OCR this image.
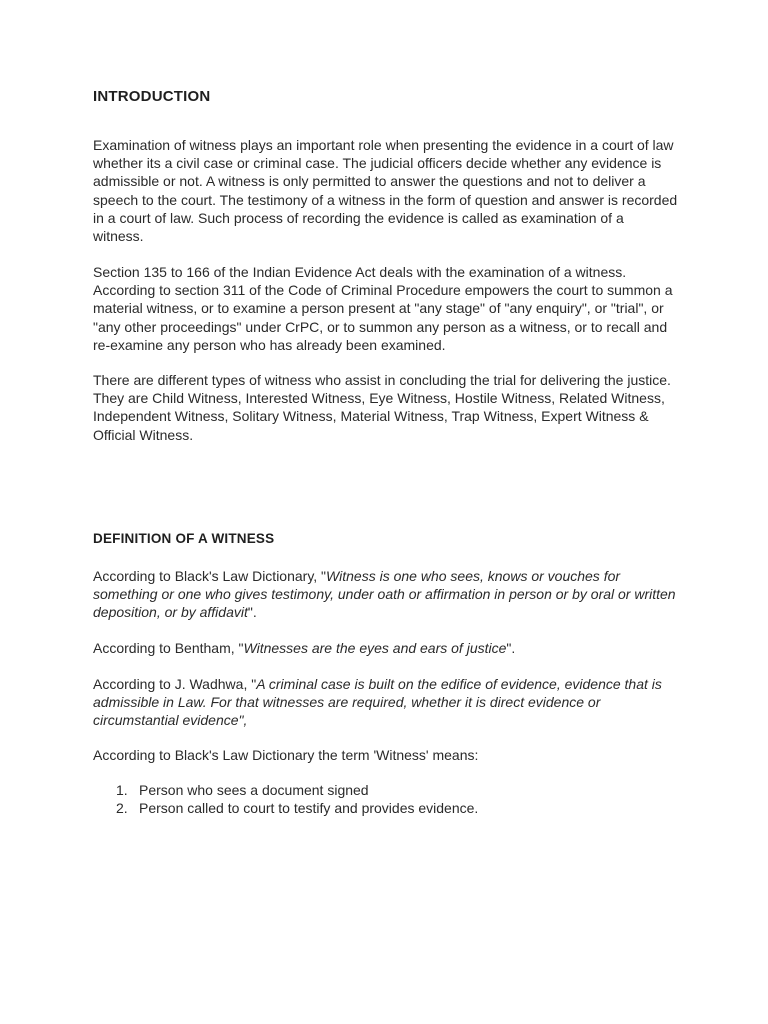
INTRODUCTION

Examination of witness plays an important role when presenting the evidence in a court of law whether its a civil case or criminal case. The judicial officers decide whether any evidence is admissible or not. A witness is only permitted to answer the questions and not to deliver a speech to the court. The testimony of a witness in the form of question and answer is recorded in a court of law. Such process of recording the evidence is called as examination of a witness.

Section 135 to 166 of the Indian Evidence Act deals with the examination of a witness. According to section 311 of the Code of Criminal Procedure empowers the court to summon a material witness, or to examine a person present at "any stage" of "any enquiry", or "trial", or "any other proceedings" under CrPC, or to summon any person as a witness, or to recall and re-examine any person who has already been examined.

There are different types of witness who assist in concluding the trial for delivering the justice. They are Child Witness, Interested Witness, Eye Witness, Hostile Witness, Related Witness, Independent Witness, Solitary Witness, Material Witness, Trap Witness, Expert Witness & Official Witness.

DEFINITION OF A WITNESS

According to Black's Law Dictionary, "Witness is one who sees, knows or vouches for something or one who gives testimony, under oath or affirmation in person or by oral or written deposition, or by affidavit".

According to Bentham, "Witnesses are the eyes and ears of justice".

According to J. Wadhwa, "A criminal case is built on the edifice of evidence, evidence that is admissible in Law. For that witnesses are required, whether it is direct evidence or circumstantial evidence",

According to Black's Law Dictionary the term 'Witness' means:

1. Person who sees a document signed
2. Person called to court to testify and provides evidence.
